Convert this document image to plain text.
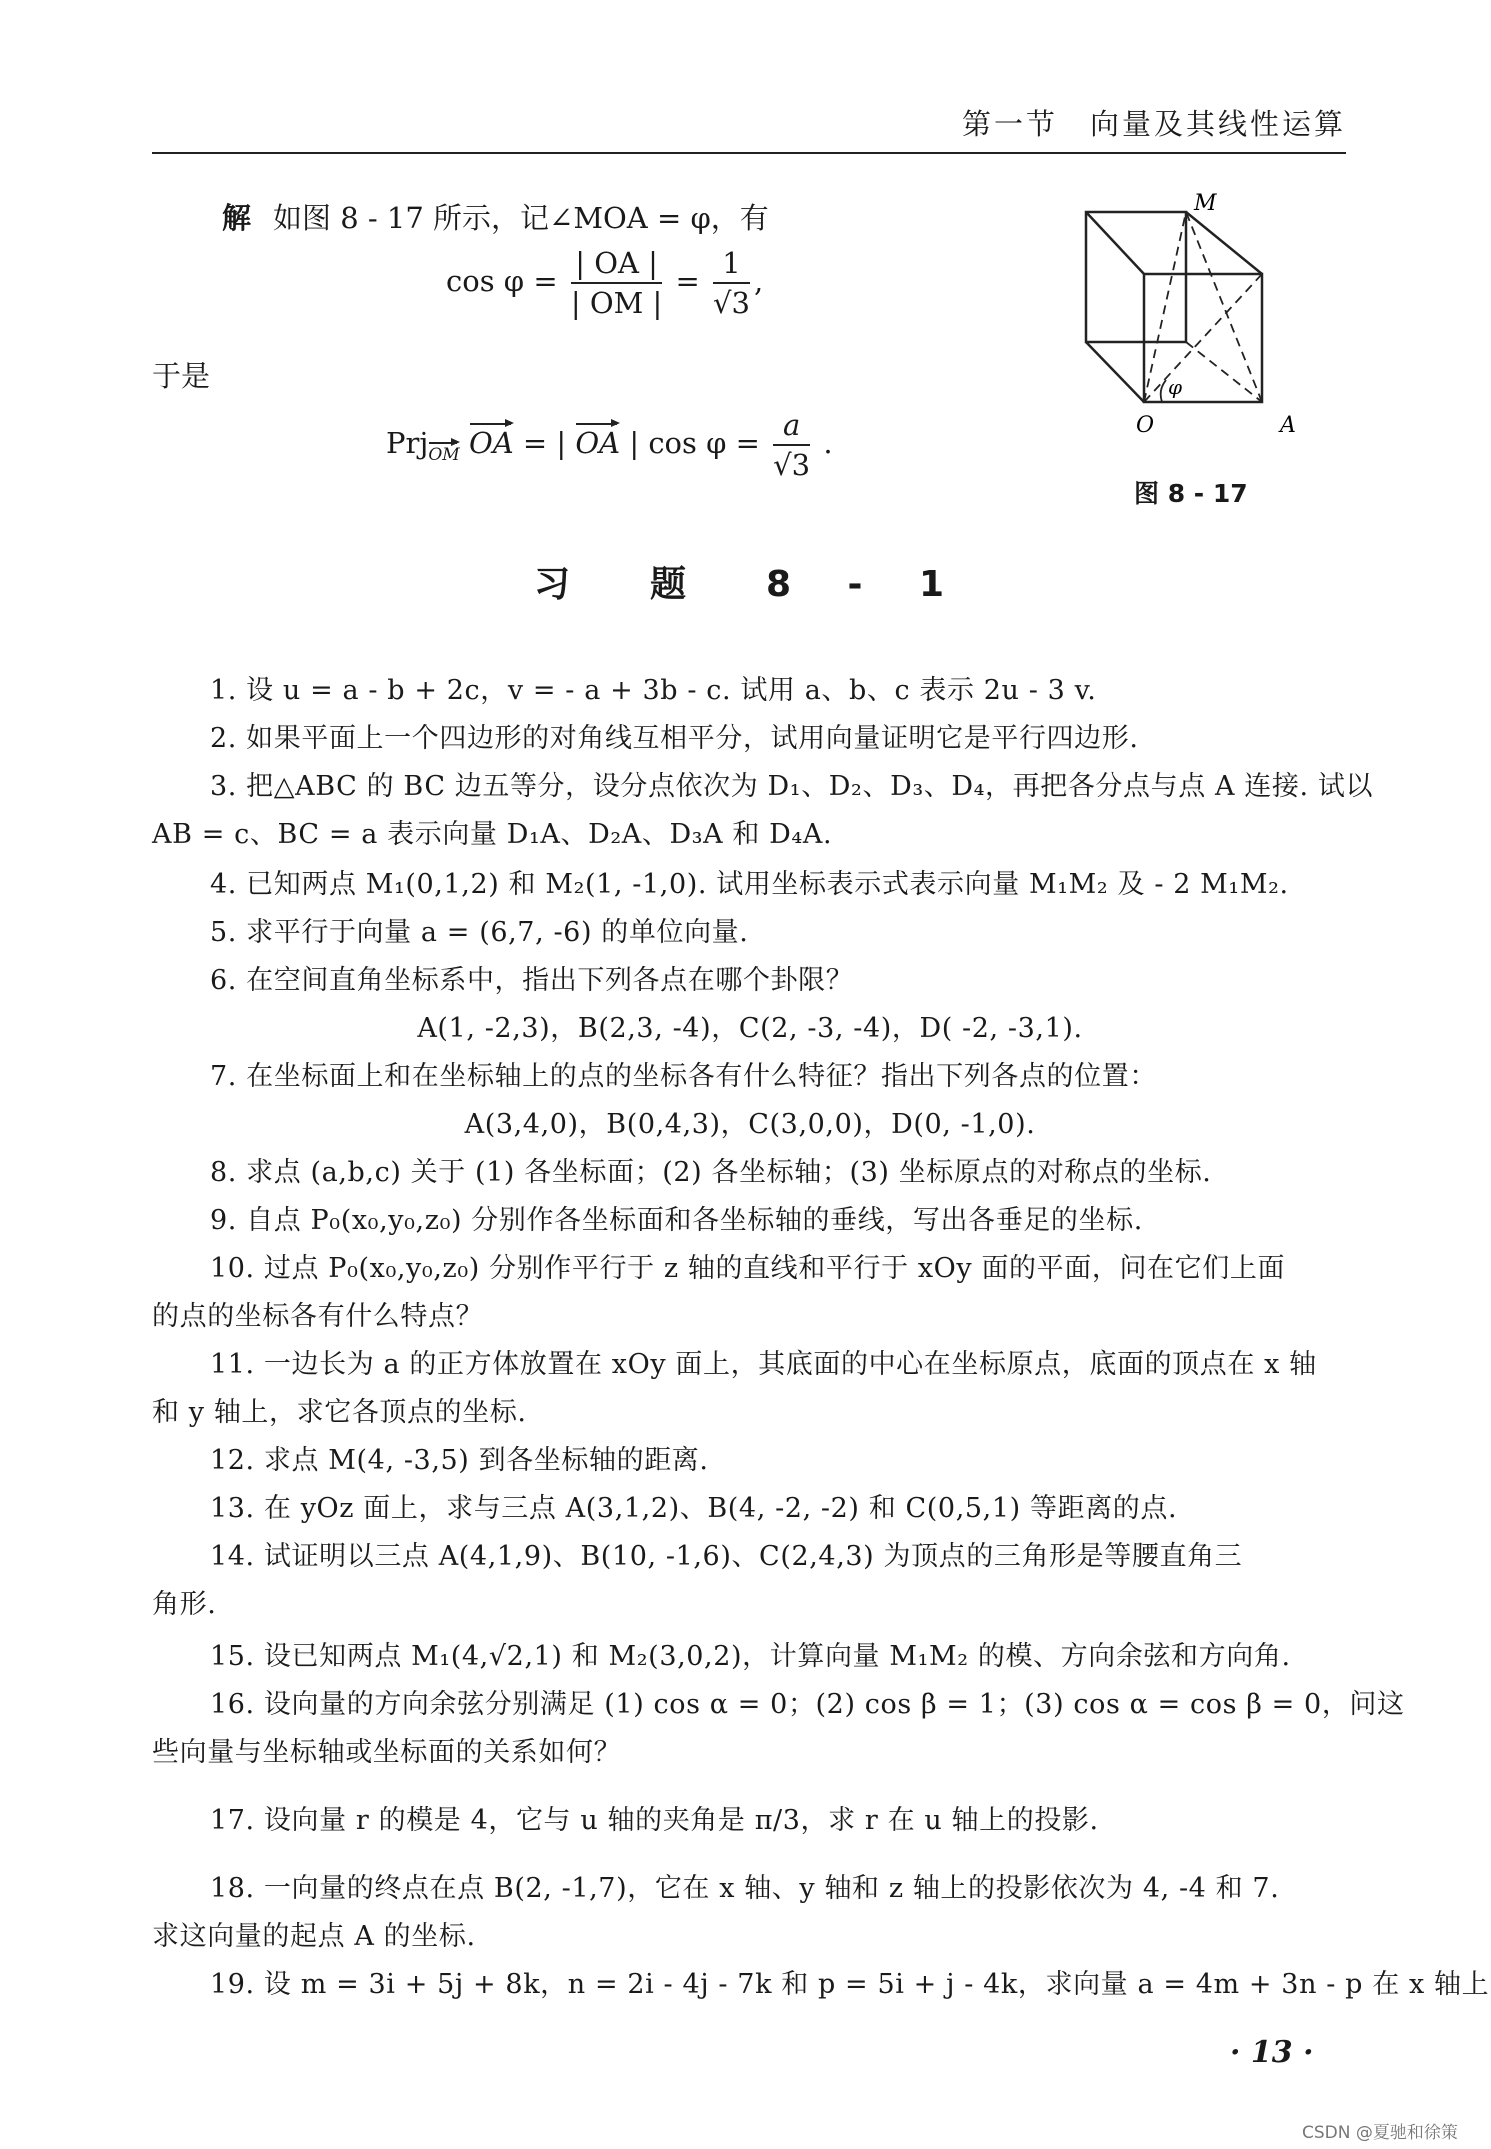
第一节　向量及其线性运算
解 如图 8 - 17 所示，记∠MOA = φ，有
$\cos \varphi = \frac{| OA |}{| OM |} = \frac{1}{√3}$ ,
于是
Prj$_{OM}$ OA = | OA | $\cos \varphi = \frac{a}{√3}$ .
M
φ
O	A
图 8 - 17
习　题　8 - 1
1. 设 u = a - b + 2c，v = - a + 3b - c. 试用 a、b、c 表示 2u - 3 v.
2. 如果平面上一个四边形的对角线互相平分，试用向量证明它是平行四边形.
3. 把△ABC 的 BC 边五等分，设分点依次为 D₁、D₂、D₃、D₄，再把各分点与点 A 连接. 试以
AB = c、BC = a 表示向量 D₁A、D₂A、D₃A 和 D₄A.
4. 已知两点 M₁(0,1,2) 和 M₂(1, -1,0). 试用坐标表示式表示向量 M₁M₂ 及 - 2 M₁M₂.
5. 求平行于向量 a = (6,7, -6) 的单位向量.
6. 在空间直角坐标系中，指出下列各点在哪个卦限？
A(1, -2,3)，B(2,3, -4)，C(2, -3, -4)，D( -2, -3,1).
7. 在坐标面上和在坐标轴上的点的坐标各有什么特征？指出下列各点的位置：
A(3,4,0)，B(0,4,3)，C(3,0,0)，D(0, -1,0).
8. 求点 (a,b,c) 关于 (1) 各坐标面；(2) 各坐标轴；(3) 坐标原点的对称点的坐标.
9. 自点 P₀(x₀,y₀,z₀) 分别作各坐标面和各坐标轴的垂线，写出各垂足的坐标.
10. 过点 P₀(x₀,y₀,z₀) 分别作平行于 z 轴的直线和平行于 xOy 面的平面，问在它们上面
的点的坐标各有什么特点？
11. 一边长为 a 的正方体放置在 xOy 面上，其底面的中心在坐标原点，底面的顶点在 x 轴
和 y 轴上，求它各顶点的坐标.
12. 求点 M(4, -3,5) 到各坐标轴的距离.
13. 在 yOz 面上，求与三点 A(3,1,2)、B(4, -2, -2) 和 C(0,5,1) 等距离的点.
14. 试证明以三点 A(4,1,9)、B(10, -1,6)、C(2,4,3) 为顶点的三角形是等腰直角三
角形.
15. 设已知两点 M₁(4,√2,1) 和 M₂(3,0,2)，计算向量 M₁M₂ 的模、方向余弦和方向角.
16. 设向量的方向余弦分别满足 (1) cos α = 0；(2) cos β = 1；(3) cos α = cos β = 0，问这
些向量与坐标轴或坐标面的关系如何？
17. 设向量 r 的模是 4，它与 u 轴的夹角是 π/3，求 r 在 u 轴上的投影.
18. 一向量的终点在点 B(2, -1,7)，它在 x 轴、y 轴和 z 轴上的投影依次为 4, -4 和 7.
求这向量的起点 A 的坐标.
19. 设 m = 3i + 5j + 8k，n = 2i - 4j - 7k 和 p = 5i + j - 4k，求向量 a = 4m + 3n - p 在 x 轴上
· 13 ·
CSDN @夏驰和徐策
